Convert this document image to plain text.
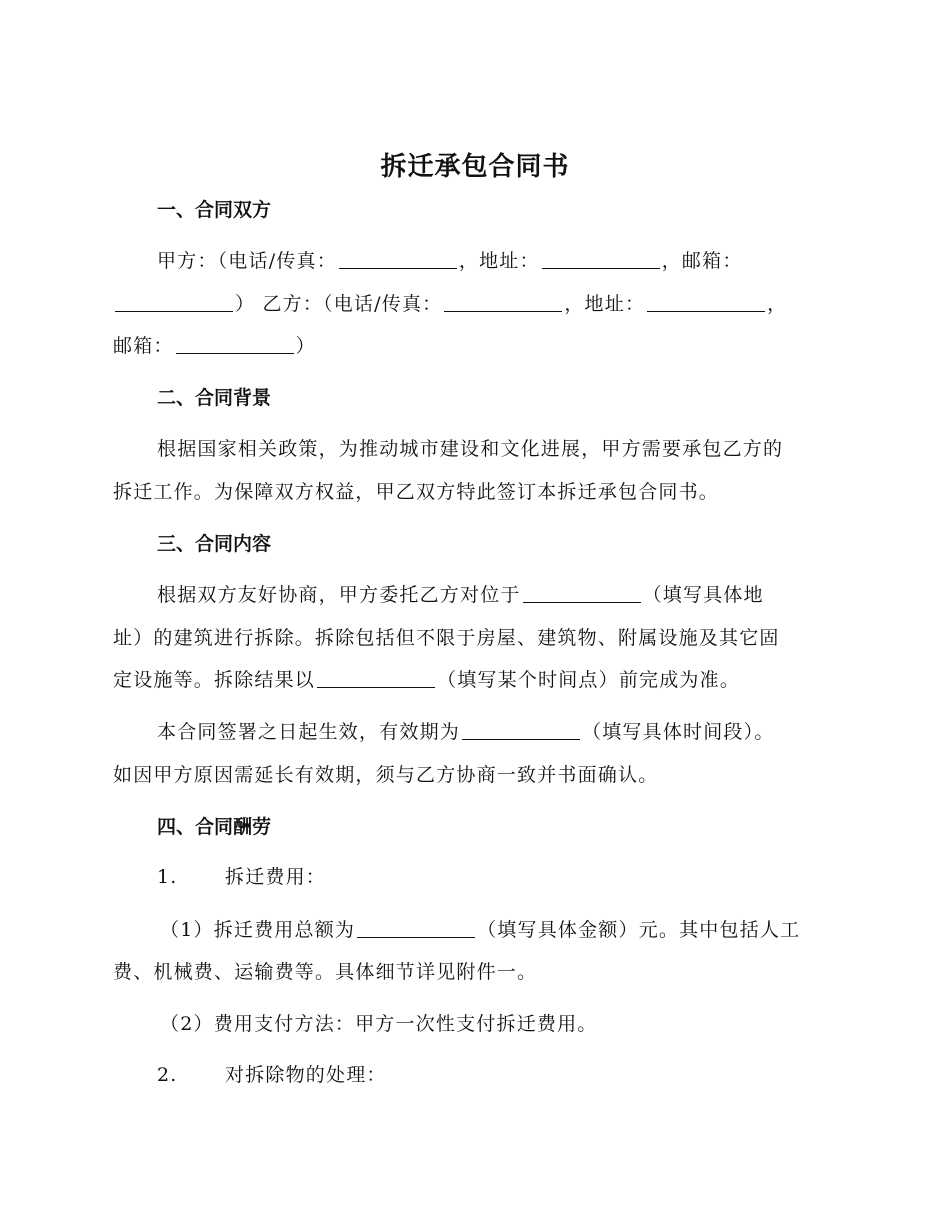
拆迁承包合同书
一、合同双方
甲方：（电话/传真：	，地址：	，邮箱：
） 乙方：（电话/传真：	，地址：	，
邮箱：	）
二、合同背景
根据国家相关政策，为推动城市建设和文化进展，甲方需要承包乙方的
拆迁工作。为保障双方权益，甲乙双方特此签订本拆迁承包合同书。
三、合同内容
根据双方友好协商，甲方委托乙方对位于	（填写具体地
址）的建筑进行拆除。拆除包括但不限于房屋、建筑物、附属设施及其它固
定设施等。拆除结果以	（填写某个时间点）前完成为准。
本合同签署之日起生效，有效期为	（填写具体时间段）。
如因甲方原因需延长有效期，须与乙方协商一致并书面确认。
四、合同酬劳
1. 拆迁费用：
（1）拆迁费用总额为	（填写具体金额）元。其中包括人工
费、机械费、运输费等。具体细节详见附件一。
（2）费用支付方法：甲方一次性支付拆迁费用。
2. 对拆除物的处理：
